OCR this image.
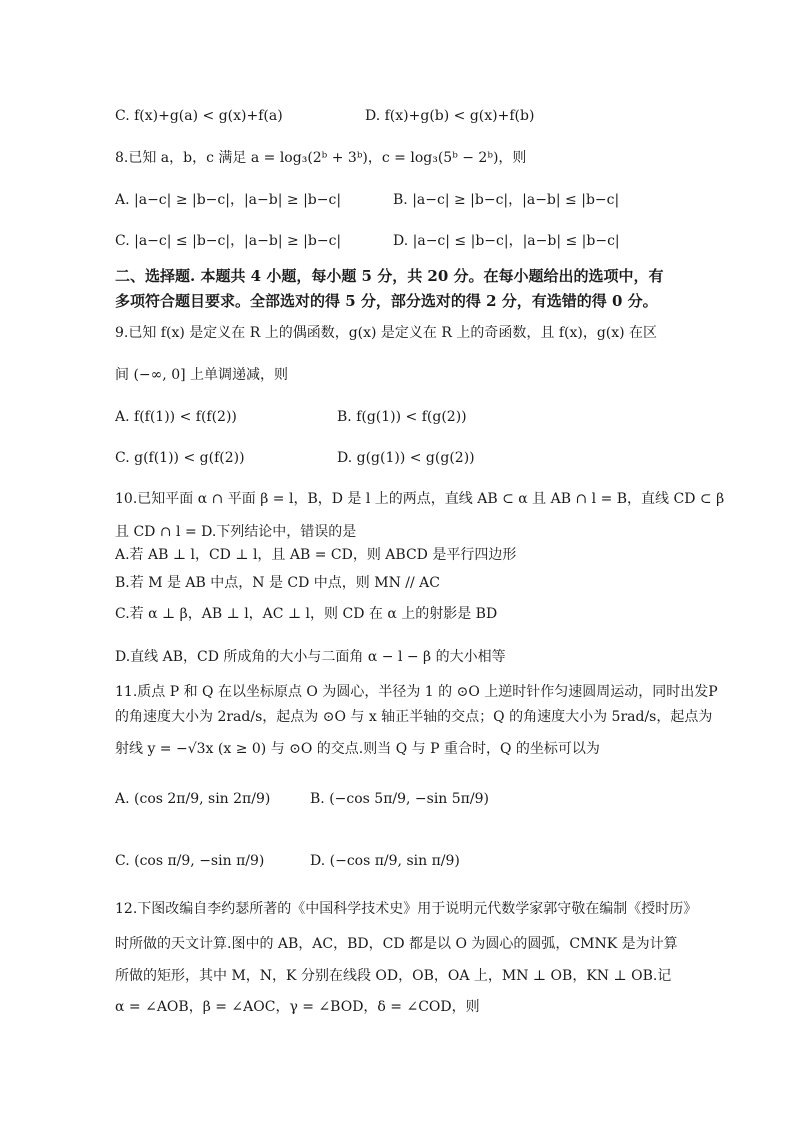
C. f(x)+g(a) < g(x)+f(a)	D. f(x)+g(b) < g(x)+f(b)
8.已知 a，b，c 满足 a = log₃(2ᵇ + 3ᵇ)，c = log₃(5ᵇ − 2ᵇ)，则
A. |a−c| ≥ |b−c|，|a−b| ≥ |b−c|	B. |a−c| ≥ |b−c|，|a−b| ≤ |b−c|
C. |a−c| ≤ |b−c|，|a−b| ≥ |b−c|	D. |a−c| ≤ |b−c|，|a−b| ≤ |b−c|
二、选择题. 本题共 4 小题，每小题 5 分，共 20 分。在每小题给出的选项中，有
多项符合题目要求。全部选对的得 5 分，部分选对的得 2 分，有选错的得 0 分。
9.已知 f(x) 是定义在 R 上的偶函数，g(x) 是定义在 R 上的奇函数，且 f(x)，g(x) 在区
间 (−∞, 0] 上单调递减，则
A. f(f(1)) < f(f(2))	B. f(g(1)) < f(g(2))
C. g(f(1)) < g(f(2))	D. g(g(1)) < g(g(2))
10.已知平面 α ∩ 平面 β = l，B，D 是 l 上的两点，直线 AB ⊂ α 且 AB ∩ l = B，直线 CD ⊂ β
且 CD ∩ l = D.下列结论中，错误的是
A.若 AB ⊥ l，CD ⊥ l，且 AB = CD，则 ABCD 是平行四边形
B.若 M 是 AB 中点，N 是 CD 中点，则 MN // AC
C.若 α ⊥ β，AB ⊥ l，AC ⊥ l，则 CD 在 α 上的射影是 BD
D.直线 AB，CD 所成角的大小与二面角 α − l − β 的大小相等
11.质点 P 和 Q 在以坐标原点 O 为圆心，半径为 1 的 ⊙O 上逆时针作匀速圆周运动，同时出发P
的角速度大小为 2rad/s，起点为 ⊙O 与 x 轴正半轴的交点；Q 的角速度大小为 5rad/s，起点为
射线 y = −√3x (x ≥ 0) 与 ⊙O 的交点.则当 Q 与 P 重合时，Q 的坐标可以为
A. (cos 2π/9, sin 2π/9)	B. (−cos 5π/9, −sin 5π/9)
C. (cos π/9, −sin π/9)	D. (−cos π/9, sin π/9)
12.下图改编自李约瑟所著的《中国科学技术史》用于说明元代数学家郭守敬在编制《授时历》
时所做的天文计算.图中的 AB，AC，BD，CD 都是以 O 为圆心的圆弧，CMNK 是为计算
所做的矩形，其中 M，N，K 分别在线段 OD，OB，OA 上，MN ⊥ OB，KN ⊥ OB.记
α = ∠AOB，β = ∠AOC，γ = ∠BOD，δ = ∠COD，则
